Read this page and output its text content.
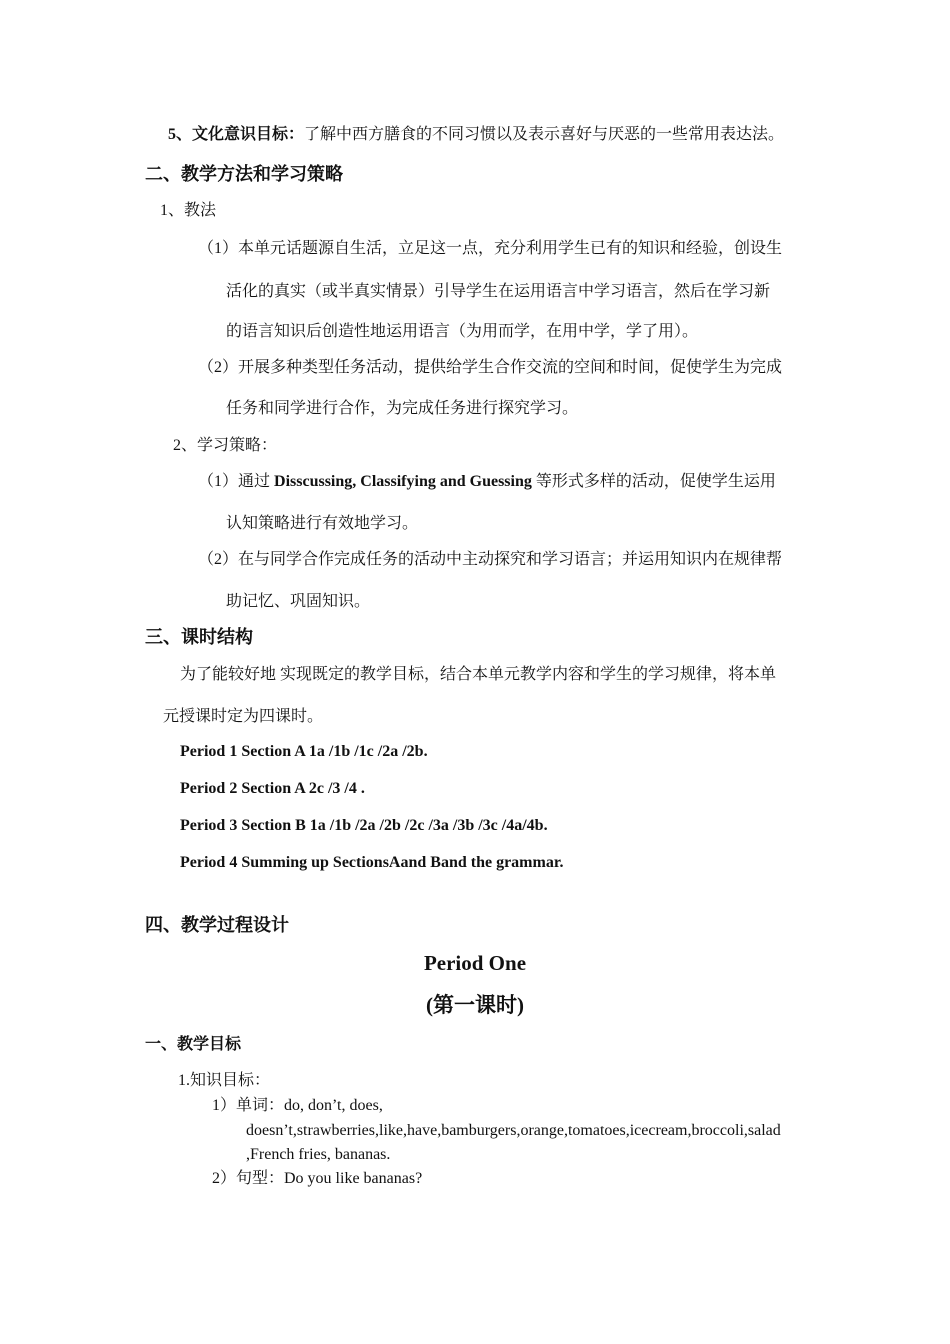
5、文化意识目标：了解中西方膳食的不同习惯以及表示喜好与厌恶的一些常用表达法。
二、教学方法和学习策略
1、教法
（1）本单元话题源自生活，立足这一点，充分利用学生已有的知识和经验，创设生
活化的真实（或半真实情景）引导学生在运用语言中学习语言，然后在学习新
的语言知识后创造性地运用语言（为用而学，在用中学，学了用）。
（2）开展多种类型任务活动，提供给学生合作交流的空间和时间，促使学生为完成
任务和同学进行合作，为完成任务进行探究学习。
2、学习策略：
（1）通过 Disscussing, Classifying and Guessing 等形式多样的活动，促使学生运用
认知策略进行有效地学习。
（2）在与同学合作完成任务的活动中主动探究和学习语言；并运用知识内在规律帮
助记忆、巩固知识。
三、课时结构
为了能较好地 实现既定的教学目标，结合本单元教学内容和学生的学习规律，将本单
元授课时定为四课时。
Period 1 Section A 1a /1b /1c /2a /2b.
Period 2 Section A 2c /3 /4 .
Period 3 Section B 1a /1b /2a /2b /2c /3a /3b /3c /4a/4b.
Period 4 Summing up SectionsAand Band the grammar.
四、教学过程设计
Period One
(第一课时)
一、教学目标
1.知识目标：
1）单词：do, don’t, does,
doesn’t,strawberries,like,have,bamburgers,orange,tomatoes,icecream,broccoli,salad
,French fries, bananas.
2）句型：Do you like bananas?
